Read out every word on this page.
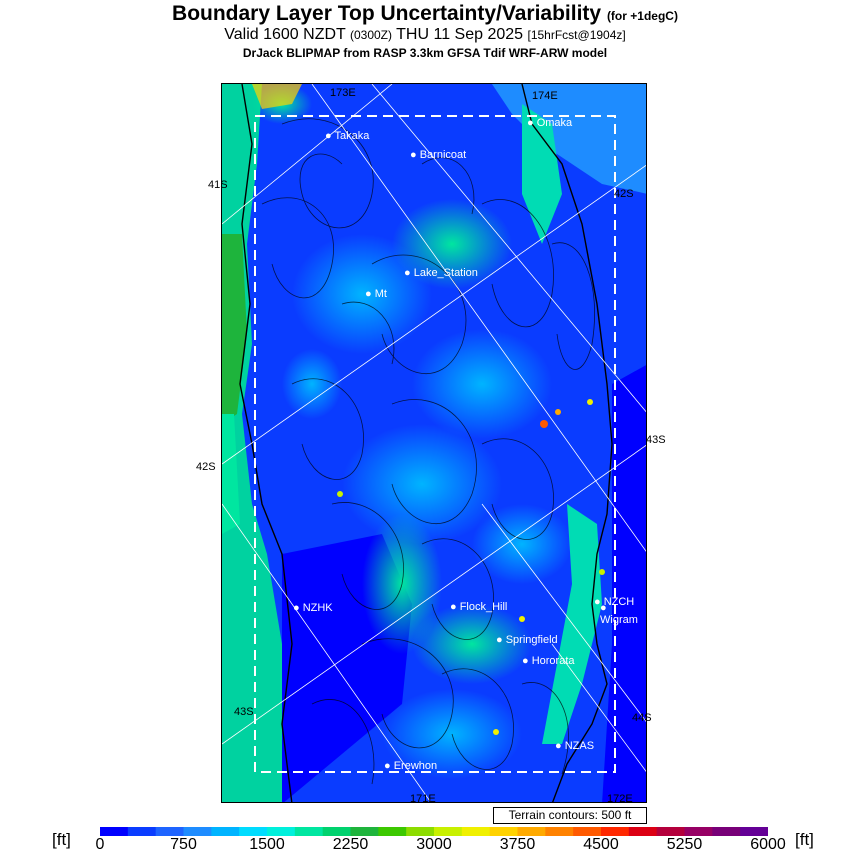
Boundary Layer Top Uncertainty/Variability (for +1degC)
Valid 1600 NZDT (0300Z) THU 11 Sep 2025 [15hrFcst@1904z]
DrJack BLIPMAP from RASP 3.3km GFSA Tdif WRF-ARW model
173E	174E
171E	172E
● Takaka
● Omaka
● Barnicoat
● Lake_Station
● Mt
● NZHK	● Flock_Hill	● NZCH
● Wigram
● Springfield
● Hororata
● NZAS
● Erewhon
41S
42S
42S
43S
43S	44S
Terrain contours: 500 ft
[ft]	[ft]
0	750	1500	2250	3000	3750	4500	5250	6000
